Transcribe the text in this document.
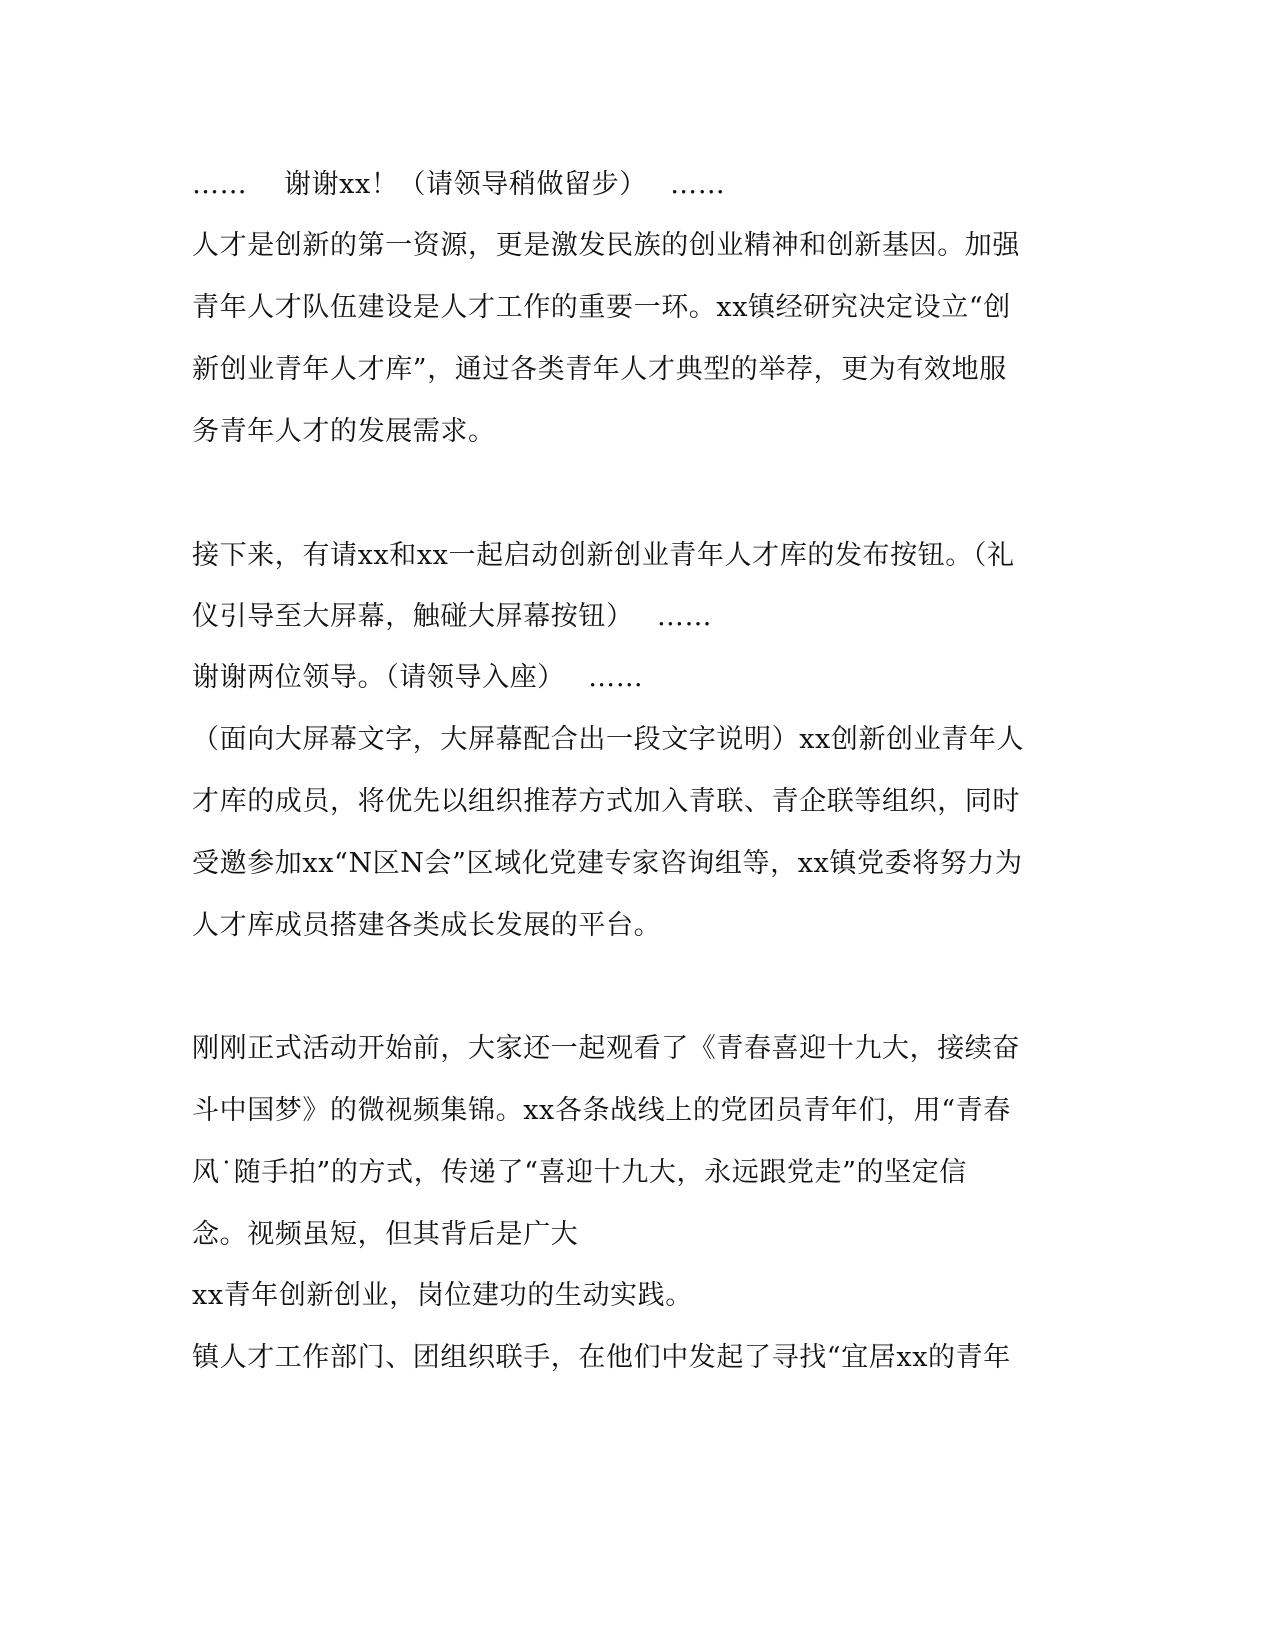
……　 谢谢xx！（请领导稍做留步）　 ……

人才是创新的第一资源，更是激发民族的创业精神和创新基因。加强

青年人才队伍建设是人才工作的重要一环。xx镇经研究决定设立“创

新创业青年人才库”，通过各类青年人才典型的举荐，更为有效地服

务青年人才的发展需求。

接下来，有请xx和xx一起启动创新创业青年人才库的发布按钮。（礼

仪引导至大屏幕，触碰大屏幕按钮）　 ……

谢谢两位领导。（请领导入座）　 ……

（面向大屏幕文字，大屏幕配合出一段文字说明）xx创新创业青年人

才库的成员，将优先以组织推荐方式加入青联、青企联等组织，同时

受邀参加xx“N区N会”区域化党建专家咨询组等，xx镇党委将努力为

人才库成员搭建各类成长发展的平台。

刚刚正式活动开始前，大家还一起观看了《青春喜迎十九大，接续奋

斗中国梦》的微视频集锦。xx各条战线上的党团员青年们，用“青春

风˙随手拍”的方式，传递了“喜迎十九大，永远跟党走”的坚定信

念。视频虽短，但其背后是广大

xx青年创新创业，岗位建功的生动实践。

镇人才工作部门、团组织联手，在他们中发起了寻找“宜居xx的青年
